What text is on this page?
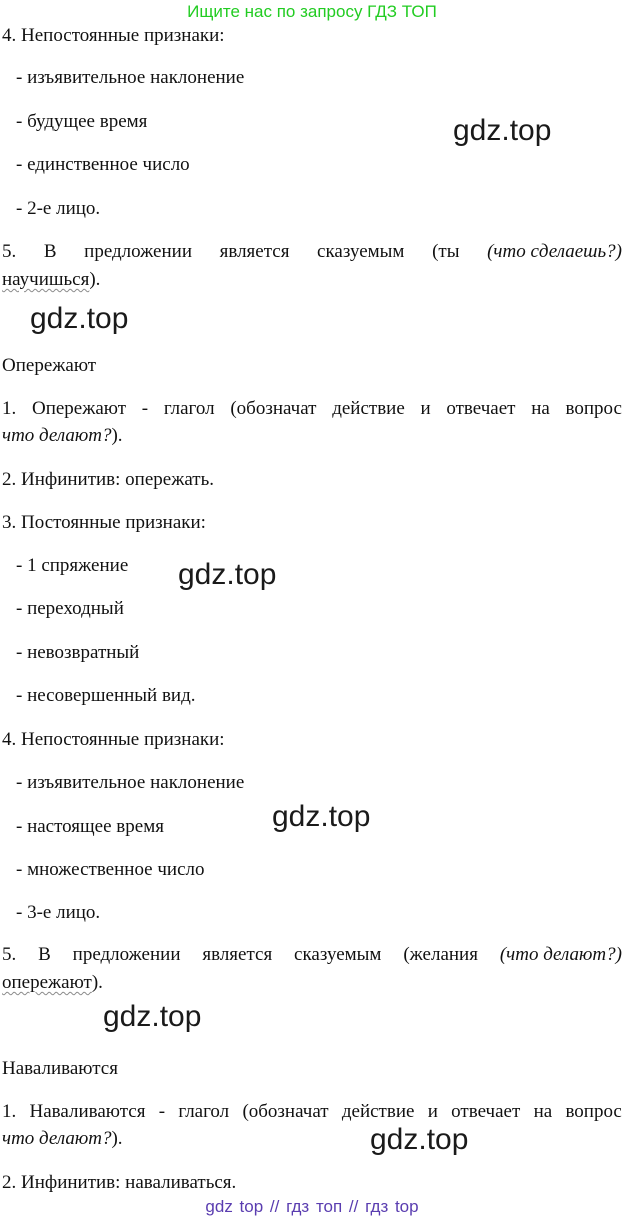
Ищите нас по запросу ГДЗ ТОП
4. Непостоянные признаки:
- изъявительное наклонение
- будущее время
- единственное число
- 2-е лицо.
5. В предложении является сказуемым (ты (что сделаешь?)
научишься).
gdz.top
gdz.top
Опережают
1. Опережают - глагол (обозначат действие и отвечает на вопрос
что делают?).
2. Инфинитив: опережать.
3. Постоянные признаки:
- 1 спряжение
- переходный
- невозвратный
- несовершенный вид.
gdz.top
4. Непостоянные признаки:
- изъявительное наклонение
- настоящее время
- множественное число
- 3-е лицо.
gdz.top
5. В предложении является сказуемым (желания (что делают?)
опережают).
gdz.top
Наваливаются
1. Наваливаются - глагол (обозначат действие и отвечает на вопрос
что делают?).	gdz.top
2. Инфинитив: наваливаться.
gdz top // гдз топ // гдз top
